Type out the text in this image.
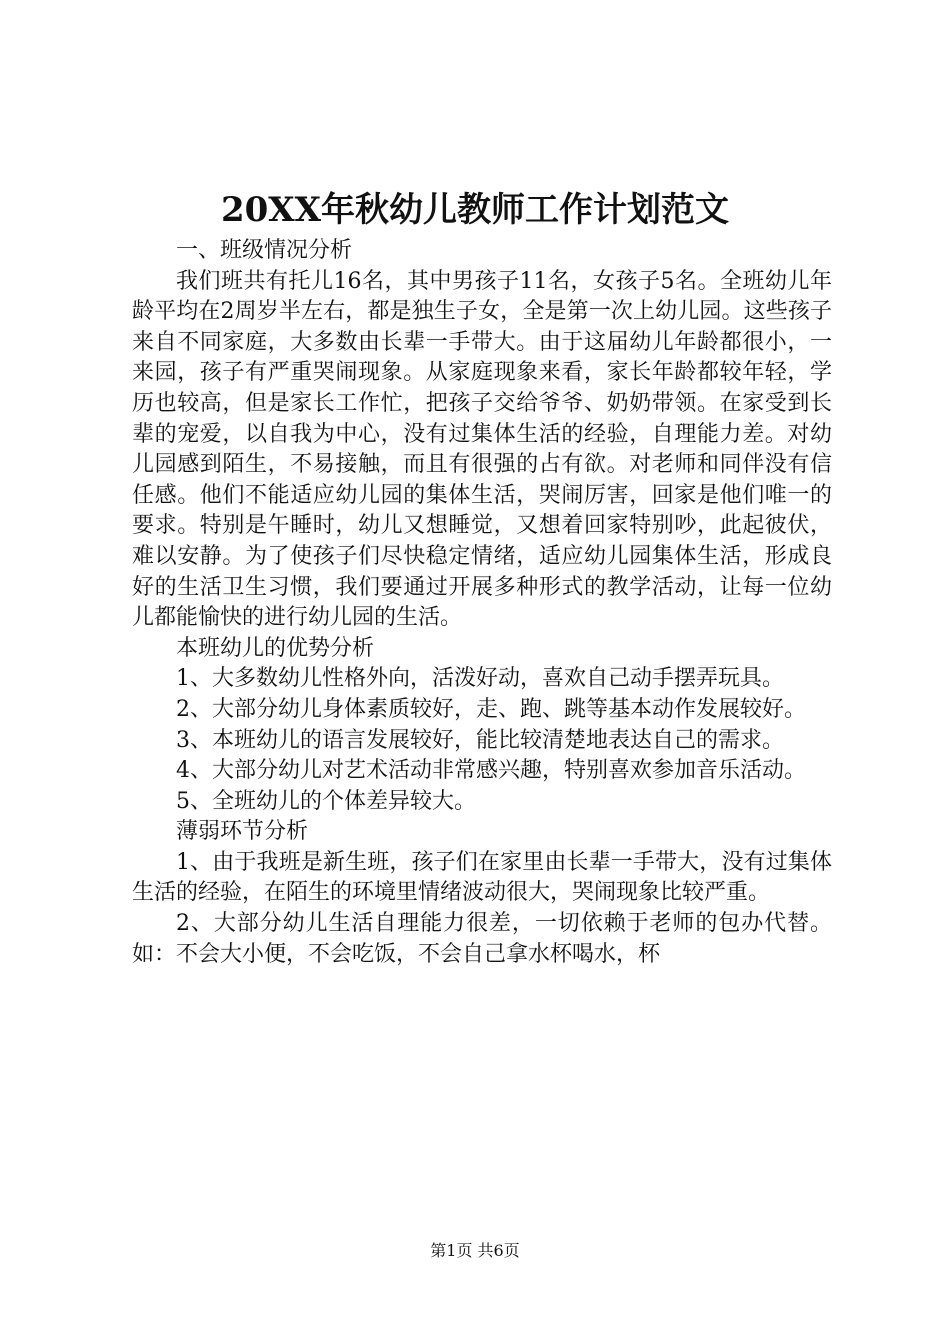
20XX年秋幼儿教师工作计划范文

一、班级情况分析

我们班共有托儿16名，其中男孩子11名，女孩子5名。全班幼儿年龄平均在2周岁半左右，都是独生子女，全是第一次上幼儿园。这些孩子来自不同家庭，大多数由长辈一手带大。由于这届幼儿年龄都很小，一来园，孩子有严重哭闹现象。从家庭现象来看，家长年龄都较年轻，学历也较高，但是家长工作忙，把孩子交给爷爷、奶奶带领。在家受到长辈的宠爱，以自我为中心，没有过集体生活的经验，自理能力差。对幼儿园感到陌生，不易接触，而且有很强的占有欲。对老师和同伴没有信任感。他们不能适应幼儿园的集体生活，哭闹厉害，回家是他们唯一的要求。特别是午睡时，幼儿又想睡觉，又想着回家特别吵，此起彼伏，难以安静。为了使孩子们尽快稳定情绪，适应幼儿园集体生活，形成良好的生活卫生习惯，我们要通过开展多种形式的教学活动，让每一位幼儿都能愉快的进行幼儿园的生活。

本班幼儿的优势分析

1、大多数幼儿性格外向，活泼好动，喜欢自己动手摆弄玩具。

2、大部分幼儿身体素质较好，走、跑、跳等基本动作发展较好。

3、本班幼儿的语言发展较好，能比较清楚地表达自己的需求。

4、大部分幼儿对艺术活动非常感兴趣，特别喜欢参加音乐活动。

5、全班幼儿的个体差异较大。

薄弱环节分析

1、由于我班是新生班，孩子们在家里由长辈一手带大，没有过集体生活的经验，在陌生的环境里情绪波动很大，哭闹现象比较严重。

2、大部分幼儿生活自理能力很差，一切依赖于老师的包办代替。如：不会大小便，不会吃饭，不会自己拿水杯喝水，杯

第1页 共6页
